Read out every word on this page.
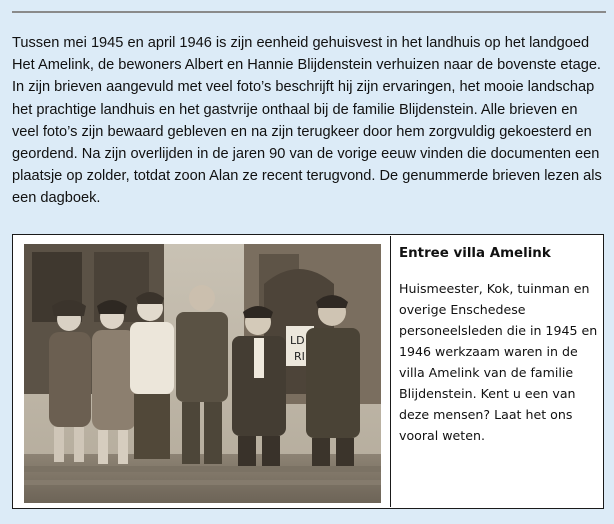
Tussen mei 1945 en april 1946 is zijn eenheid gehuisvest in het landhuis op het landgoed Het Amelink, de bewoners Albert en Hannie Blijdenstein verhuizen naar de bovenste etage. In zijn brieven aangevuld met veel foto’s beschrijft hij zijn ervaringen, het mooie landschap het prachtige landhuis en het gastvrije onthaal bij de familie Blijdenstein. Alle brieven en veel foto’s zijn bewaard gebleven en na zijn terugkeer door hem zorgvuldig gekoesterd en geordend. Na zijn overlijden in de jaren 90 van de vorige eeuw vinden die documenten een plaatsje op zolder, totdat zoon Alan ze recent terugvond. De genummerde brieven lezen als een dagboek.

LD
RI

Entree villa Amelink

Huismeester, Kok, tuinman en overige Enschedese personeelsleden die in 1945 en 1946 werkzaam waren in de villa Amelink van de familie Blijdenstein. Kent u een van deze mensen? Laat het ons vooral weten.
